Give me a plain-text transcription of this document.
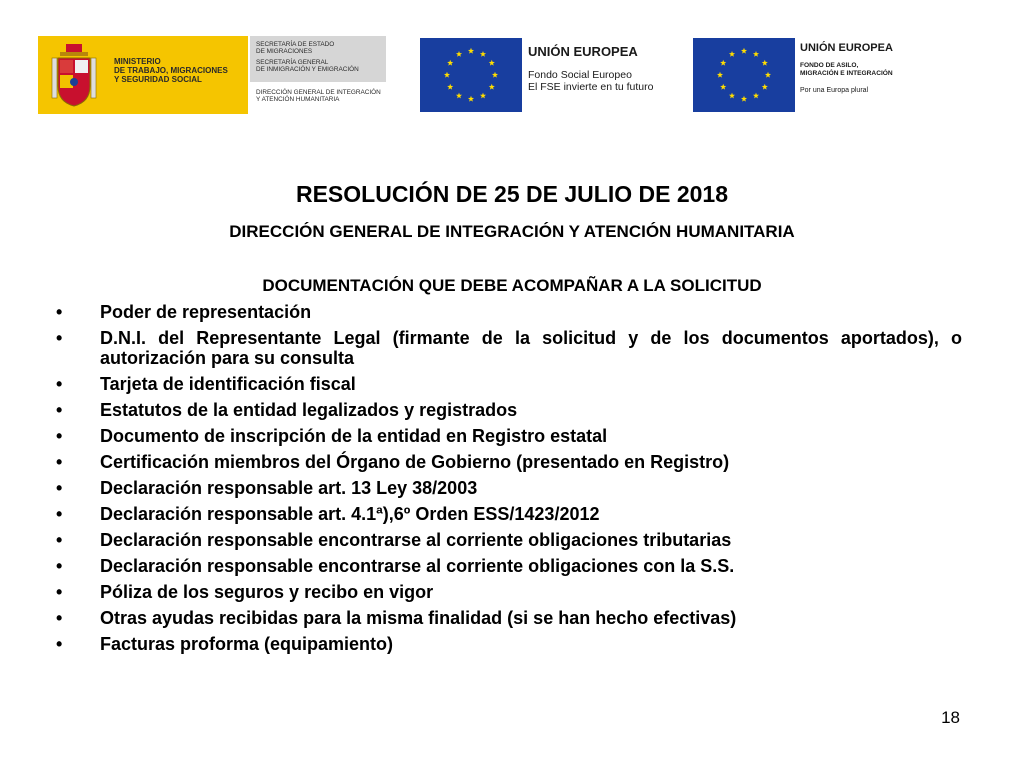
MINISTERIO
DE TRABAJO, MIGRACIONES
Y SEGURIDAD SOCIAL
SECRETARÍA DE ESTADO
DE MIGRACIONES
SECRETARÍA GENERAL
DE INMIGRACIÓN Y EMIGRACIÓN
DIRECCIÓN GENERAL DE INTEGRACIÓN
Y ATENCIÓN HUMANITARIA
UNIÓN EUROPEA
Fondo Social Europeo
El FSE invierte en tu futuro
UNIÓN EUROPEA
FONDO DE ASILO,
MIGRACIÓN E INTEGRACIÓN
Por una Europa plural
RESOLUCIÓN DE 25 DE JULIO DE 2018
DIRECCIÓN GENERAL DE INTEGRACIÓN Y ATENCIÓN HUMANITARIA
DOCUMENTACIÓN QUE DEBE ACOMPAÑAR A LA SOLICITUD
• Poder de representación
• D.N.I. del Representante Legal (firmante de la solicitud y de los documentos aportados), o autorización para su consulta
• Tarjeta de identificación fiscal
• Estatutos de la entidad legalizados y registrados
• Documento de inscripción de la entidad en Registro estatal
• Certificación miembros del Órgano de Gobierno (presentado en Registro)
• Declaración responsable art. 13 Ley 38/2003
• Declaración responsable art. 4.1ª),6º Orden ESS/1423/2012
• Declaración responsable encontrarse al corriente obligaciones tributarias
• Declaración responsable encontrarse al corriente obligaciones con la S.S.
• Póliza de los seguros y recibo en vigor
• Otras ayudas recibidas para la misma finalidad (si se han hecho efectivas)
• Facturas proforma (equipamiento)
18
